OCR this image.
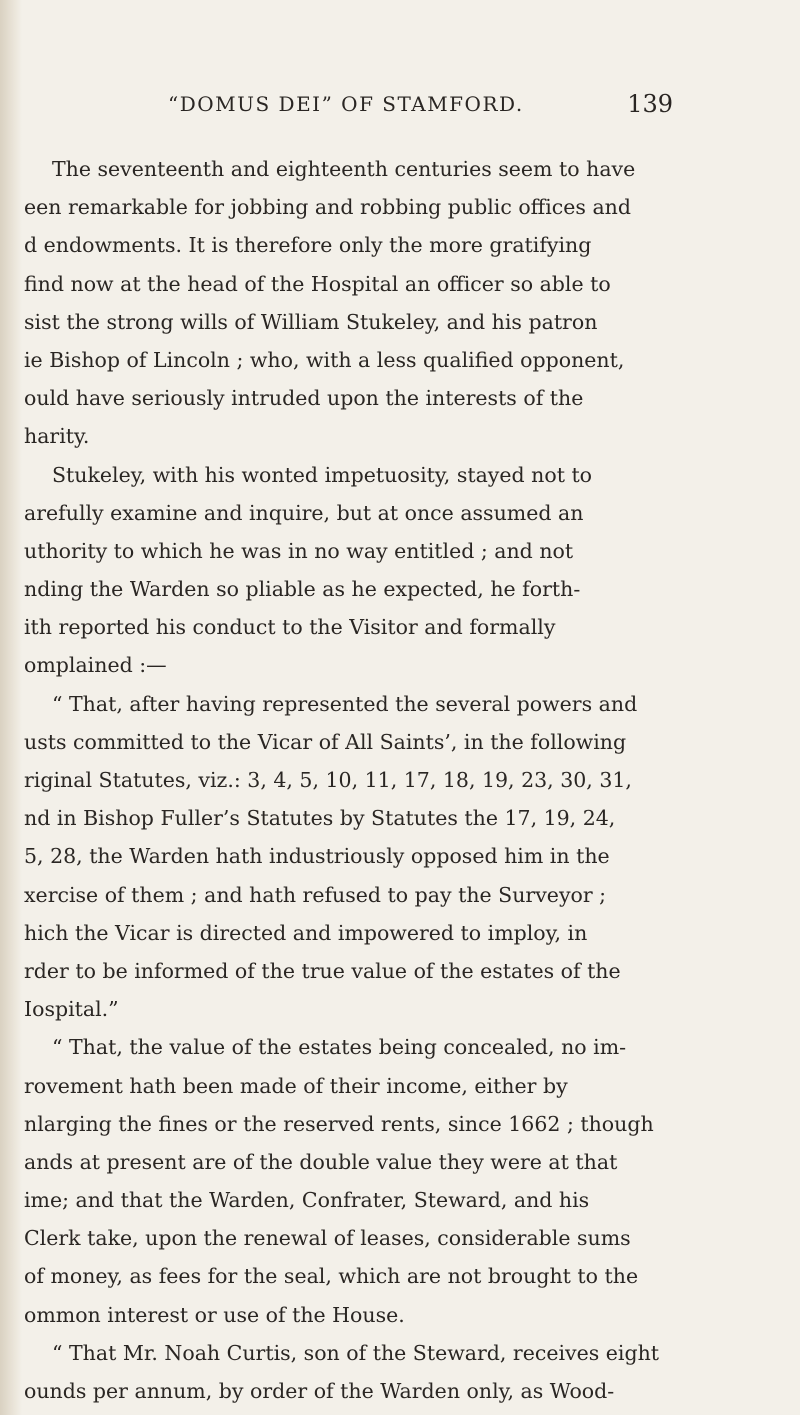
“DOMUS DEI” OF STAMFORD.	139
The seventeenth and eighteenth centuries seem to have
een remarkable for jobbing and robbing public offices and
d endowments. It is therefore only the more gratifying
find now at the head of the Hospital an officer so able to
sist the strong wills of William Stukeley, and his patron
ie Bishop of Lincoln ; who, with a less qualified opponent,
ould have seriously intruded upon the interests of the
harity.
Stukeley, with his wonted impetuosity, stayed not to
arefully examine and inquire, but at once assumed an
uthority to which he was in no way entitled ; and not
nding the Warden so pliable as he expected, he forth-
ith reported his conduct to the Visitor and formally
omplained :—
“ That, after having represented the several powers and
usts committed to the Vicar of All Saints’, in the following
riginal Statutes, viz.: 3, 4, 5, 10, 11, 17, 18, 19, 23, 30, 31,
nd in Bishop Fuller’s Statutes by Statutes the 17, 19, 24,
5, 28, the Warden hath industriously opposed him in the
xercise of them ; and hath refused to pay the Surveyor ;
hich the Vicar is directed and impowered to imploy, in
rder to be informed of the true value of the estates of the
Iospital.”
“ That, the value of the estates being concealed, no im-
rovement hath been made of their income, either by
nlarging the fines or the reserved rents, since 1662 ; though
ands at present are of the double value they were at that
ime; and that the Warden, Confrater, Steward, and his
Clerk take, upon the renewal of leases, considerable sums
of money, as fees for the seal, which are not brought to the
ommon interest or use of the House.
“ That Mr. Noah Curtis, son of the Steward, receives eight
ounds per annum, by order of the Warden only, as Wood-
